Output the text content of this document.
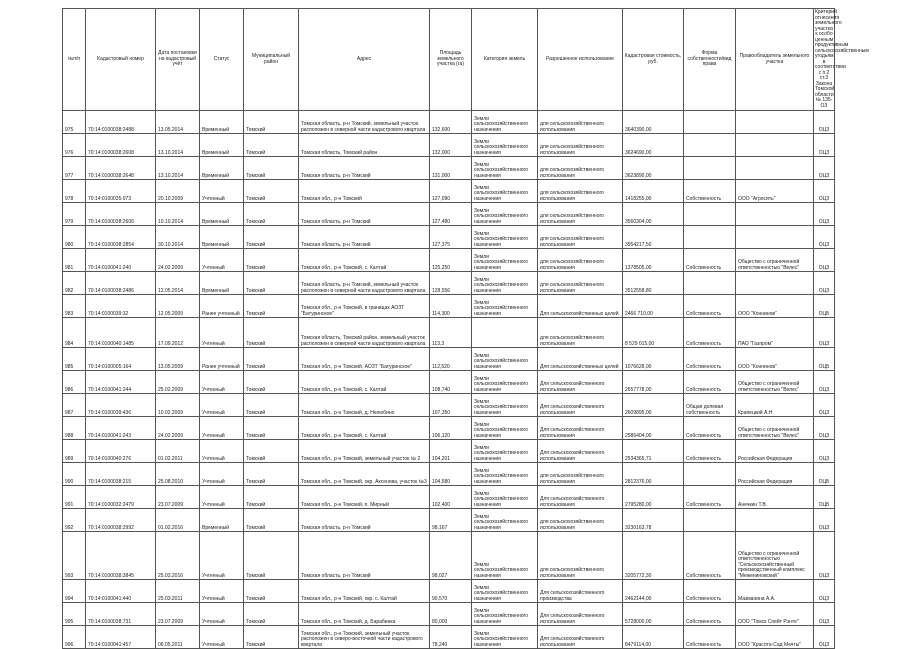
№п/п	Кадастровый номер	Дата постановки на кадастровый учёт	Статус	Муниципальный район	Адрес	Площадь земельного участка (га)	Категория земель	Разрешенное использование	Кадастровая стоимость, руб.	Форма собственности/вид права	Правообладатель земельного участка	Критерий отнесения земельного участка к особо ценным продуктивным сельскохозяйственным угодьям, в соответствии с п.2 ст.3 Закона Томской области № 135-ОЗ
975	70:14:0100038:2488	13.05.2014	Временный	Томский	Томская область, р-н Томский, земельный участок расположен в северной части кадастрового квартала	132,600	Земли сельскохозяйственного назначения	для сельскохозяйственного использования	3640390,00			ОЦЗ
976	70:14:0100038:2608	13.10.2014	Временный	Томский	Томская область, Томский район	132,000	Земли сельскохозяйственного назначения	для сельскохозяйственного использования	3624690,00			ОЦЗ
977	70:14:0100038:2648	13.10.2014	Временный	Томский	Томская область, р-н Томский	131,000	Земли сельскохозяйственного назначения	для сельскохозяйственного использования	3623890,00			ОЦЗ
978	70:14:0100035:973	20.10.2009	Учтенный	Томский	Томская обл., р-н Томский	127,090	Земли сельскохозяйственного назначения	для сельскохозяйственного использования	1418255,00	Собственность	ООО "Агросить"	ОЦЗ
979	70:14:0100038:2606	10.10.2014	Временный	Томский	Томская область, р-н Томский	127,480	Земли сельскохозяйственного назначения	для сельскохозяйственного использования	3560304,00			ОЦЗ
980	70:14:0100038:2854	30.10.2014	Временный	Томский	Томская область, р-н Томский	127,375	Земли сельскохозяйственного назначения	для сельскохозяйственного использования	3554217,50			ОЦЗ
981	70:14:0100041:240	24.02.2009	Учтенный	Томский	Томская обл., р-н Томский, с. Калтай	125,250	Земли сельскохозяйственного назначения	для сельскохозяйственного использования	1378505,00	Собственность	Общество с ограниченной ответственностью "Велес"	ОЦЗ
982	70:14:0100038:2486	13.05.2014	Временный	Томский	Томская область, р-н Томский, земельный участок расположен в северной части кадастрового квартала	128,556	Земли сельскохозяйственного назначения	для сельскохозяйственного использования	3512558,80			ОЦЗ
983	70:14:0100039:32	12.05.2009	Ранее учтенный	Томский	Томская обл., р-н Томский, в границах АОЗТ "Батуринское"	114,300	Земли сельскохозяйственного назначения	Для сельскохозяйственных целей	2466 710,00	Собственность	ООО "Коннинов"	ОЦБ
984	70:14:0100040:1485	17.09.2012	Учтенный	Томский	Томская область, Томский район, земельный участок расположен в северной части кадастрового квартала	113,3		для сельскохозяйственного использования	8 529 015,00	Собственность	ПАО "Газпром"	ОЦЗ
985	70:14:0100005:164	13.05.2009	Ранее учтенный	Томский	Томская обл., р-н Томский, АОЗТ "Батуринское"	112,520	Земли сельскохозяйственного назначения	Для сельскохозяйственных целей	1076628,00	Собственность	ООО "Коннинов"	ОЦБ
986	70:14:0100041:244	25.02.2009	Учтенный	Томский	Томская обл., р-н Томский, с. Калтай	108,740	Земли сельскохозяйственного назначения	Для сельскохозяйственного использования	2657778,00	Собственность	Общество с ограниченной ответственностью "Велес"	ОЦЗ
987	70:14:0100039:436	10.02.2009	Учтенный	Томский	Томская обл., р-н Томский, д. Нелюбино	107,350	Земли сельскохозяйственного назначения	Для сельскохозяйственного использования	2609895,00	Общая долевая собственность	Крапецкий А.Н	ОЦЗ
988	70:14:0100041:243	24.02.2009	Учтенный	Томский	Томская обл., р-н Томский, с. Калтай	106,120	Земли сельскохозяйственного назначения	Для сельскохозяйственного использования	2586404,00	Собственность	Общество с ограниченной ответственностью "Велес"	ОЦЗ
989	70:14:0100040:276	01.02.2011	Учтенный	Томский	Томская обл., р-н Томский, земельный участок № 2	104,201	Земли сельскохозяйственного назначения	Для сельскохозяйственного использования	2534365,71	Собственность	Российская Федерация	ОЦЗ
990	70:14:0100038:215	25.08.2010	Учтенный	Томский	Томская обл., р-н Томский, окр. Аксенова, участок №3	104,580	Земли сельскохозяйственного назначения	для сельскохозяйственного использования	2812376,00		Российская Федерация	ОЦБ
991	70:14:0100032:2479	23.07.2009	Учтенный	Томский	Томская обл., р-н Томский, п. Мирный	102,400	Земли сельскохозяйственного назначения	Для сельскохозяйственного использования	2795280,00	Собственность	Анечкин Т.В.	ОЦБ
992	70:14:0100038:2992	01.02.2016	Временный	Томский	Томская область, р-н Томский	98,167	Земли сельскохозяйственного назначения	для сельскохозяйственного использования	3230163,78			ОЦЗ
993	70:14:0100038:3845	25.03.2016	Учтенный	Томский	Томская область, р-н Томский	98,027	Земли сельскохозяйственного назначения	для сельскохозяйственного использования	3205772,30	Собственность	Общество с ограниченной ответственностью "Сельскохозяйственный производственный комплекс "Межениновский"	ОЦЗ
994	70:14:0100041:440	25.03.2011	Учтенный	Томский	Томская обл., р-н Томский, окр. с. Калтай	90,570	Земли сельскохозяйственного назначения	Для сельскохозяйственного производства	2462144,00	Собственность	Мазманина А.А.	ОЦЗ
995	70:14:0100038:731	23.07.2009	Учтенный	Томский	Томская обл., р-н Томский, д. Барабинка	80,000	Земли сельскохозяйственного назначения	Для сельскохозяйственного использования	5728000,00	Собственность	ООО "Томск Спейт Рэнте"	ОЦЗ
996	70:14:0100041:457	06.05.2011	Учтенный	Томский	Томская обл., р-н Томский, земельный участок расположен в северо-восточной части кадастрового квартала	78,240	Земли сельскохозяйственного назначения	Для сельскохозяйственного использования	8479114,00	Собственность	ООО "Красота-Сад Мечты"	ОЦЗ
